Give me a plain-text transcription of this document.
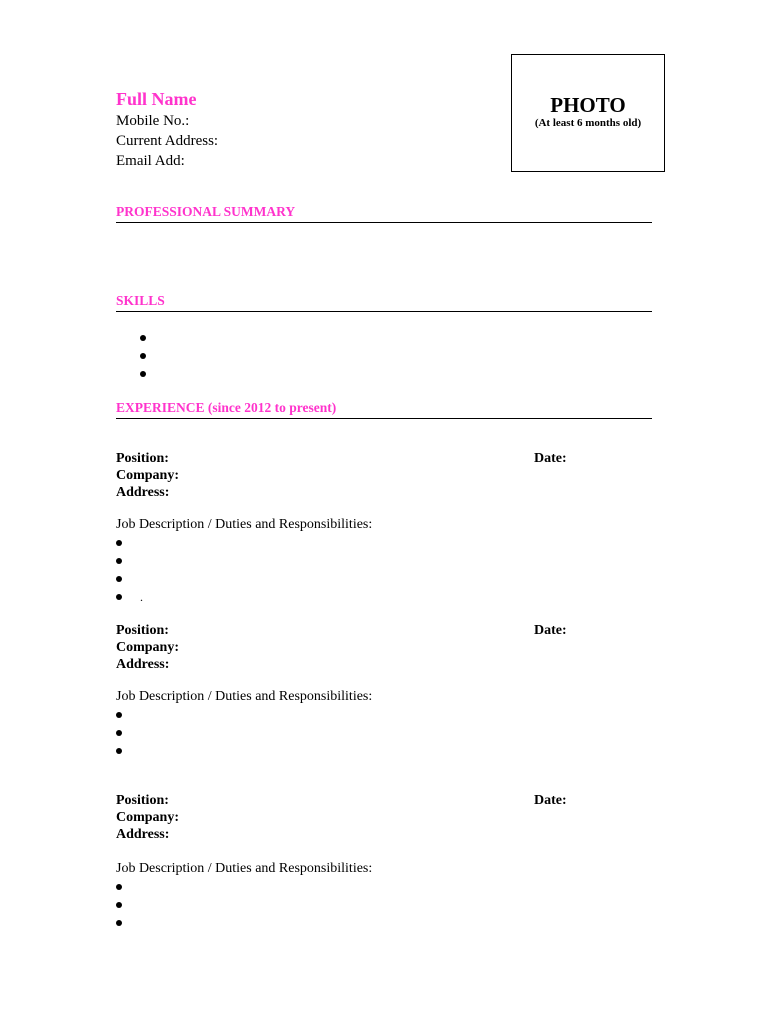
Full Name
Mobile No.:
Current Address:
Email Add:
PHOTO
(At least 6 months old)
PROFESSIONAL SUMMARY
SKILLS
EXPERIENCE (since 2012 to present)
Position:
Company:
Address:
Date:
Job Description / Duties and Responsibilities:
.
Position:
Company:
Address:
Date:
Job Description / Duties and Responsibilities:
Position:
Company:
Address:
Date:
Job Description / Duties and Responsibilities:
